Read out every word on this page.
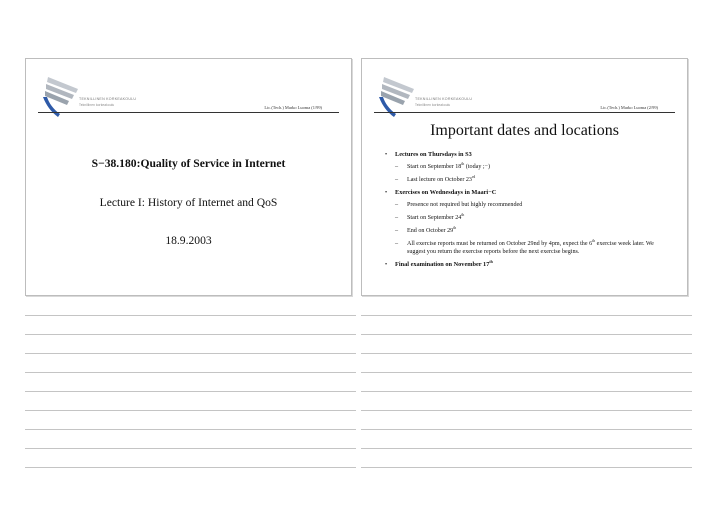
TEKNILLINEN KORKEAKOULU
Teknillinen korkeakoulu
Lic.(Tech.) Marko Luoma (1/99)
S−38.180:Quality of Service in Internet
Lecture I: History of Internet and QoS
18.9.2003
TEKNILLINEN KORKEAKOULU
Teknillinen korkeakoulu
Lic.(Tech.) Marko Luoma (2/99)
Important dates and locations
• Lectures on Thursdays in S3
– Start on September 18th (today ;−)
– Last lecture on October 23rd
• Exercises on Wednesdays in Maari−C
– Presence not required but highly recommended
– Start on September 24th
– End on October 29th
– All exercise reports must be returned on October 29nd by 4pm, expect the 6th exercise week later. We suggest you return the exercise reports before the next exercise begins.
• Final examination on November 17th
